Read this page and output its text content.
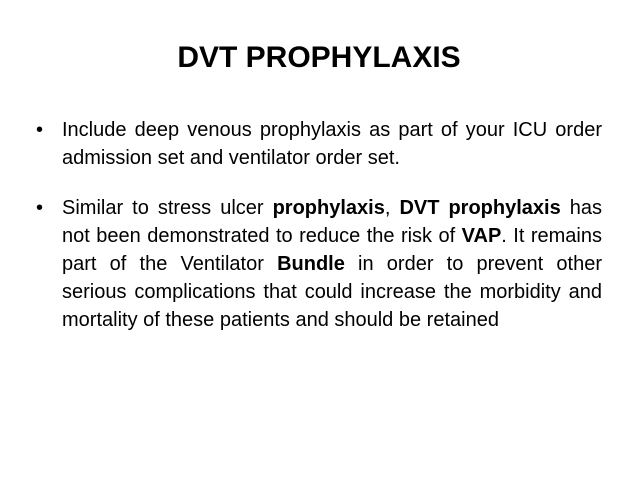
DVT PROPHYLAXIS
• Include deep venous prophylaxis as part of your ICU order admission set and ventilator order set.
• Similar to stress ulcer prophylaxis, DVT prophylaxis has not been demonstrated to reduce the risk of VAP. It remains part of the Ventilator Bundle in order to prevent other serious complications that could increase the morbidity and mortality of these patients and should be retained
